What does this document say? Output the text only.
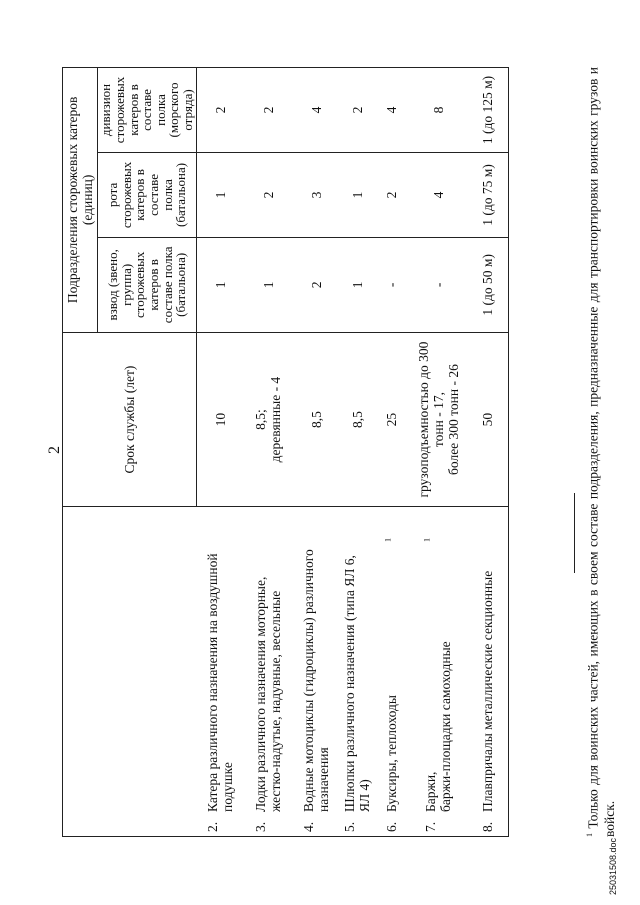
2
		Срок службы (лет)	Подразделения сторожевых катеров (единиц)		
		взвод (звено, группа) сторожевых катеров в составе полка (батальона)	рота сторожевых катеров в составе полка (батальона)	дивизион сторожевых катеров в составе полка (морского отряда)
2.Катера различного назначения на воздушной подушке	10	1	1	2
3.Лодки различного назначения моторные, жестко-надутые, надувные, весельные	8,5;
деревянные - 4	1	2	2
4.Водные мотоциклы (гидроциклы) различного назначения	8,5	2	3	4
5.Шлюпки различного назначения (типа ЯЛ 6, ЯЛ 4)	8,5	1	1	2
6.Буксиры, теплоходы$^1$	25	-	2	4
7.Баржи,
баржи-площадки самоходные$^1$	грузоподъемностью до 300 тонн - 17,
более 300 тонн - 26	-	4	8
8.Плавпричалы металлические секционные	50	1 (до 50 м)	1 (до 75 м)	1 (до 125 м)
$^1$ Только для воинских частей, имеющих в своем составе подразделения, предназначенные для транспортировки воинских грузов и войск.
25031508.doc
